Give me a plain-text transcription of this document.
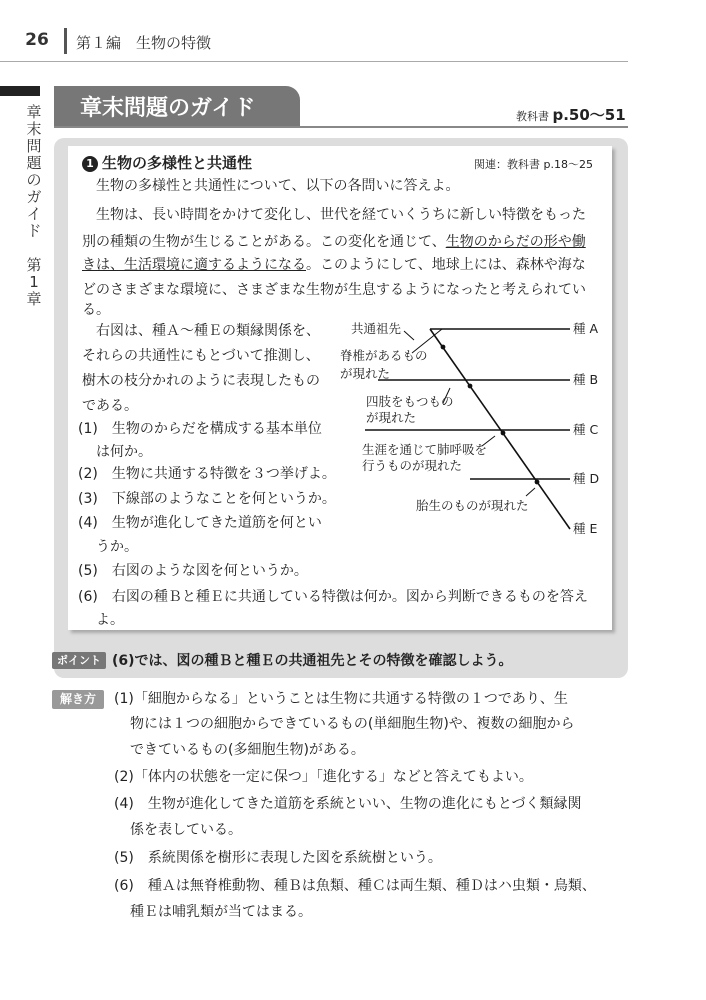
26	第１編　生物の特徴
章
末
問
題
の
ガ
イ
ド

第
1
章
章末問題のガイド	教科書 p.50〜51
1 生物の多様性と共通性	関連：教科書 p.18〜25
生物の多様性と共通性について、以下の各問いに答えよ。
生物は、長い時間をかけて変化し、世代を経ていくうちに新しい特徴をもった
別の種類の生物が生じることがある。この変化を通じて、生物のからだの形や働
きは、生活環境に適するようになる。このようにして、地球上には、森林や海な
どのさまざまな環境に、さまざまな生物が生息するようになったと考えられてい
る。
右図は、種Ａ〜種Ｅの類縁関係を、
それらの共通性にもとづいて推測し、
樹木の枝分かれのように表現したもの
である。
(1)　生物のからだを構成する基本単位
は何か。
(2)　生物に共通する特徴を３つ挙げよ。
(3)　下線部のようなことを何というか。
(4)　生物が進化してきた道筋を何とい
うか。
(5)　右図のような図を何というか。
(6)　右図の種Ｂと種Ｅに共通している特徴は何か。図から判断できるものを答え
よ。
共通祖先	種 A
種 B
種 C
種 D
種 E
脊椎があるもの
が現れた
四肢をもつもの
が現れた
生涯を通じて肺呼吸を
行うものが現れた
胎生のものが現れた
ポイント (6)では、図の種Ｂと種Ｅの共通祖先とその特徴を確認しよう。
解き方	(1)「細胞からなる」ということは生物に共通する特徴の１つであり、生
物には１つの細胞からできているもの(単細胞生物)や、複数の細胞から
できているもの(多細胞生物)がある。
(2)「体内の状態を一定に保つ」「進化する」などと答えてもよい。
(4)　生物が進化してきた道筋を系統といい、生物の進化にもとづく類縁関
係を表している。
(5)　系統関係を樹形に表現した図を系統樹という。
(6)　種Ａは無脊椎動物、種Ｂは魚類、種Ｃは両生類、種Ｄはハ虫類・鳥類、
種Ｅは哺乳類が当てはまる。
